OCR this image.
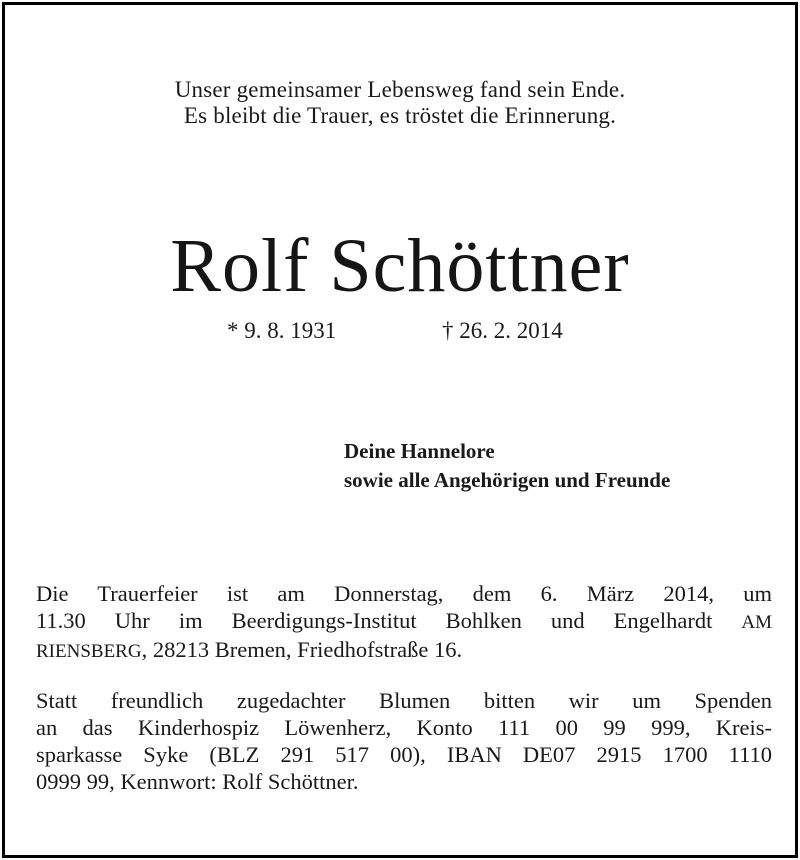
Unser gemeinsamer Lebensweg fand sein Ende.
Es bleibt die Trauer, es tröstet die Erinnerung.
Rolf Schöttner
* 9. 8. 1931	† 26. 2. 2014
Deine Hannelore
sowie alle Angehörigen und Freunde
Die Trauerfeier ist am Donnerstag, dem 6. März 2014, um
11.30 Uhr im Beerdigungs-Institut Bohlken und Engelhardt AM
RIENSBERG, 28213 Bremen, Friedhofstraße 16.
Statt freundlich zugedachter Blumen bitten wir um Spenden
an das Kinderhospiz Löwenherz, Konto 111 00 99 999, Kreis-
sparkasse Syke (BLZ 291 517 00), IBAN DE07 2915 1700 1110
0999 99, Kennwort: Rolf Schöttner.
